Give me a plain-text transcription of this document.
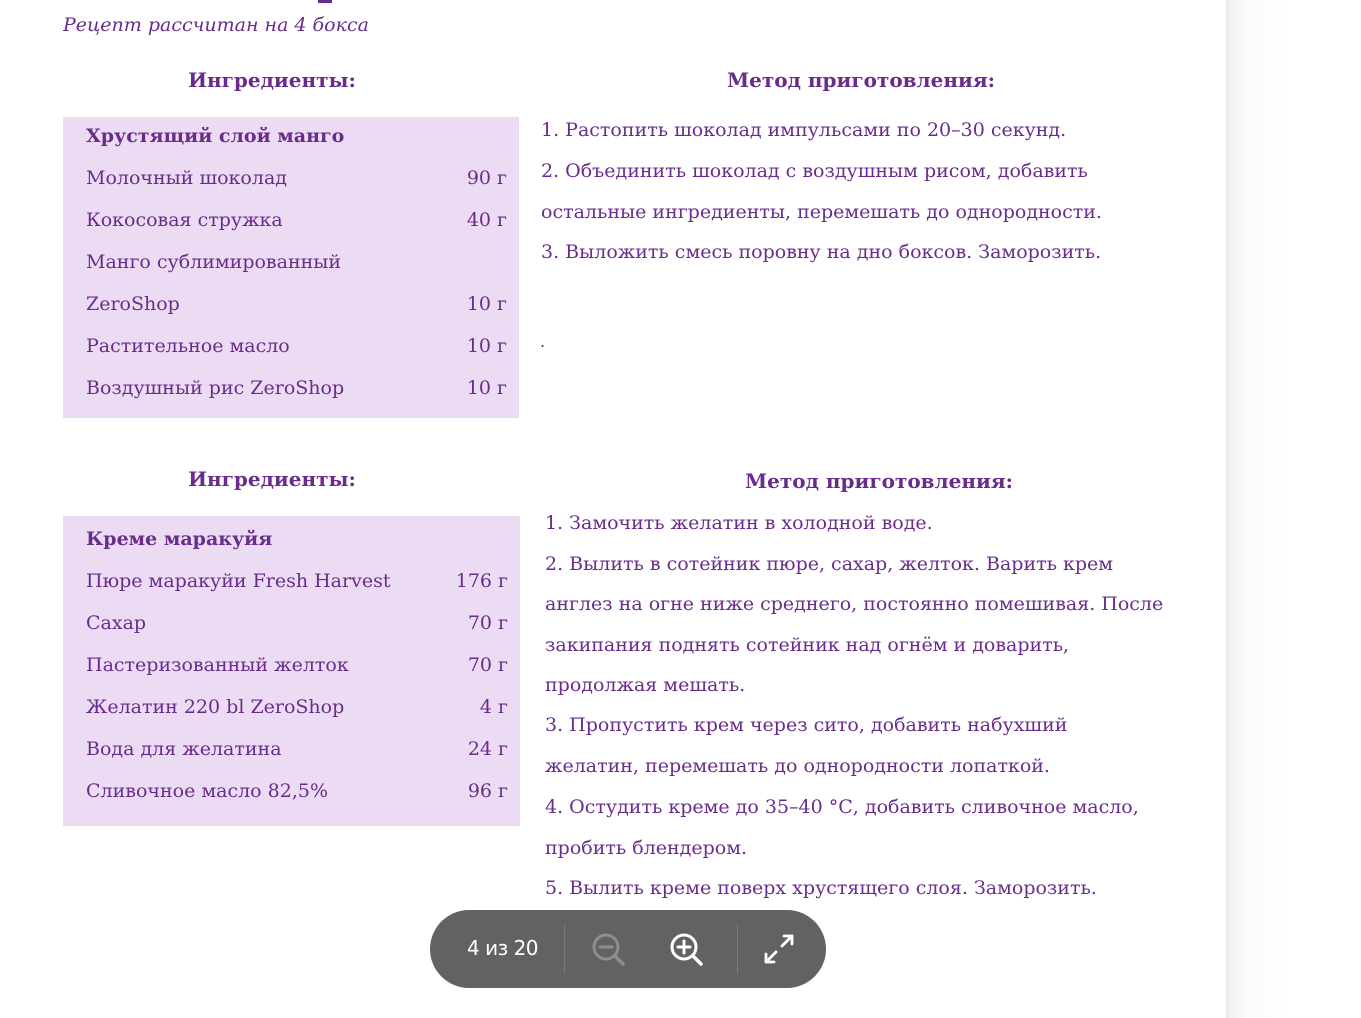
Рецепт рассчитан на 4 бокса
Ингредиенты:	Метод приготовления:
Хрустящий слой манго
Молочный шоколад	90 г
Кокосовая стружка	40 г
Манго сублимированный
ZeroShop	10 г
Растительное масло	10 г
Воздушный рис ZeroShop	10 г
1. Растопить шоколад импульсами по 20–30 секунд.
2. Объединить шоколад с воздушным рисом, добавить
остальные ингредиенты, перемешать до однородности.
3. Выложить смесь поровну на дно боксов. Заморозить.
.
Ингредиенты:	Метод приготовления:
Креме маракуйя
Пюре маракуйи Fresh Harvest	176 г
Сахар	70 г
Пастеризованный желток	70 г
Желатин 220 bl ZeroShop	4 г
Вода для желатина	24 г
Сливочное масло 82,5%	96 г
1. Замочить желатин в холодной воде.
2. Вылить в сотейник пюре, сахар, желток. Варить крем
англез на огне ниже среднего, постоянно помешивая. После
закипания поднять сотейник над огнём и доварить,
продолжая мешать.
3. Пропустить крем через сито, добавить набухший
желатин, перемешать до однородности лопаткой.
4. Остудить креме до 35–40 °С, добавить сливочное масло,
пробить блендером.
5. Вылить креме поверх хрустящего слоя. Заморозить.
4 из 20
